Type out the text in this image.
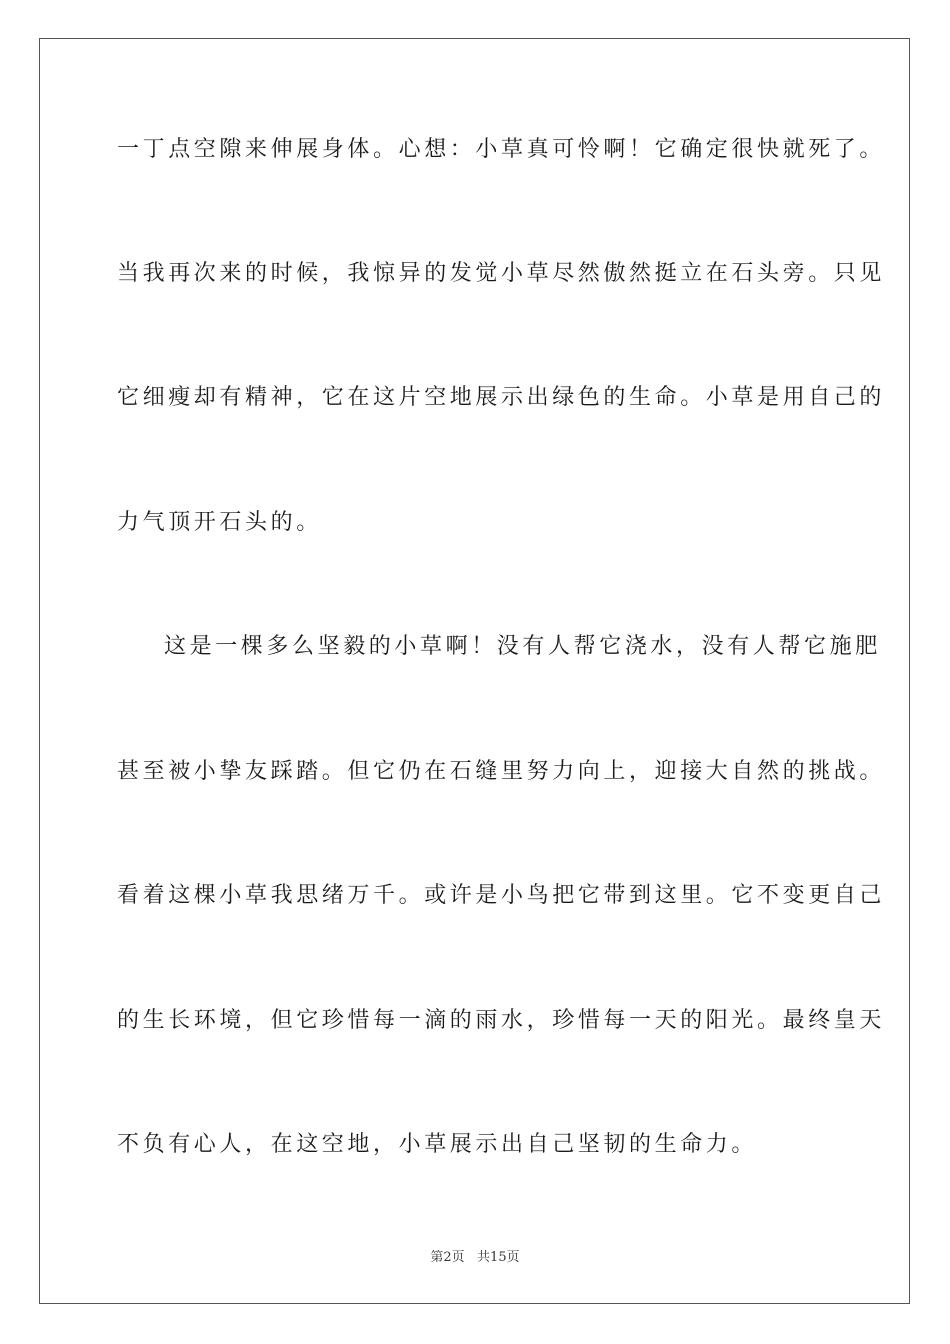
一丁点空隙来伸展身体。心想：小草真可怜啊！它确定很快就死了。
当我再次来的时候，我惊异的发觉小草尽然傲然挺立在石头旁。只见
它细瘦却有精神，它在这片空地展示出绿色的生命。小草是用自己的
力气顶开石头的。
这是一棵多么坚毅的小草啊！没有人帮它浇水，没有人帮它施肥
甚至被小挚友踩踏。但它仍在石缝里努力向上，迎接大自然的挑战。
看着这棵小草我思绪万千。或许是小鸟把它带到这里。它不变更自己
的生长环境，但它珍惜每一滴的雨水，珍惜每一天的阳光。最终皇天
不负有心人，在这空地，小草展示出自己坚韧的生命力。
第2页   共15页
